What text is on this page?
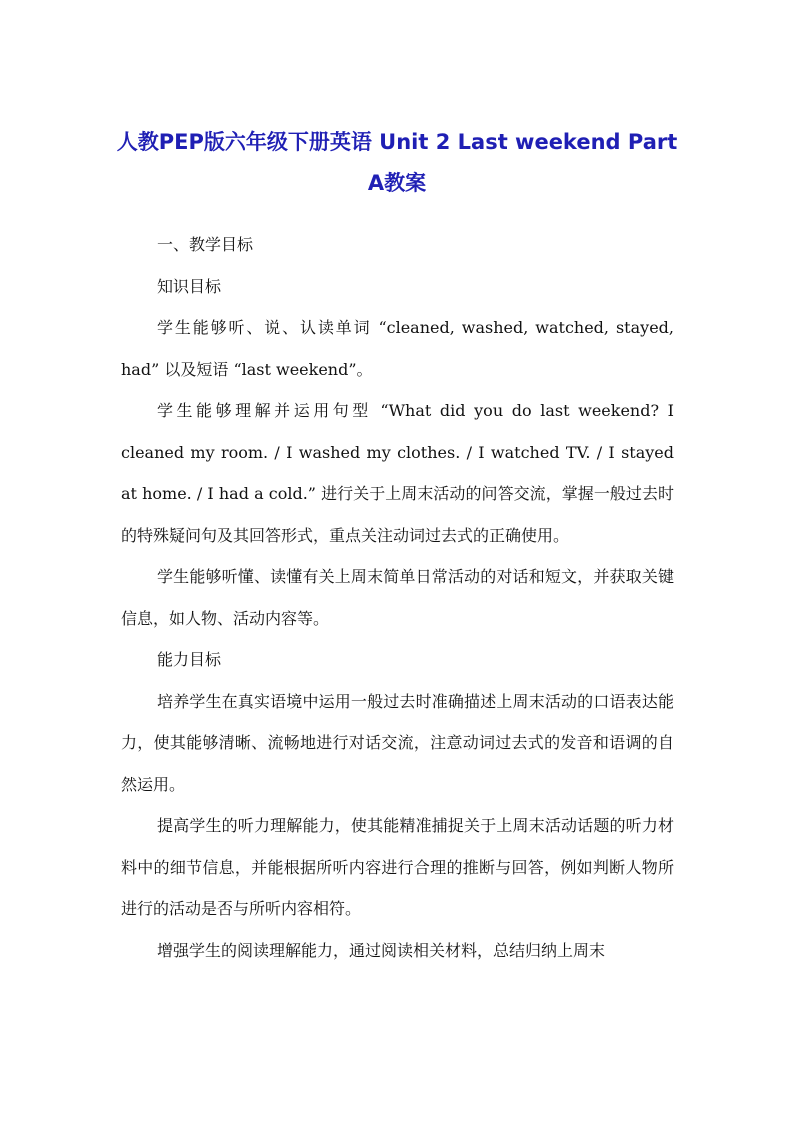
人教PEP版六年级下册英语 Unit 2 Last weekend Part
A教案

一、教学目标

知识目标

学生能够听、说、认读单词 “cleaned, washed, watched, stayed, had” 以及短语 “last weekend”。

学生能够理解并运用句型 “What did you do last weekend? I cleaned my room. / I washed my clothes. / I watched TV. / I stayed at home. / I had a cold.” 进行关于上周末活动的问答交流，掌握一般过去时的特殊疑问句及其回答形式，重点关注动词过去式的正确使用。

学生能够听懂、读懂有关上周末简单日常活动的对话和短文，并获取关键信息，如人物、活动内容等。

能力目标

培养学生在真实语境中运用一般过去时准确描述上周末活动的口语表达能力，使其能够清晰、流畅地进行对话交流，注意动词过去式的发音和语调的自然运用。

提高学生的听力理解能力，使其能精准捕捉关于上周末活动话题的听力材料中的细节信息，并能根据所听内容进行合理的推断与回答，例如判断人物所进行的活动是否与所听内容相符。

增强学生的阅读理解能力，通过阅读相关材料，总结归纳上周末
